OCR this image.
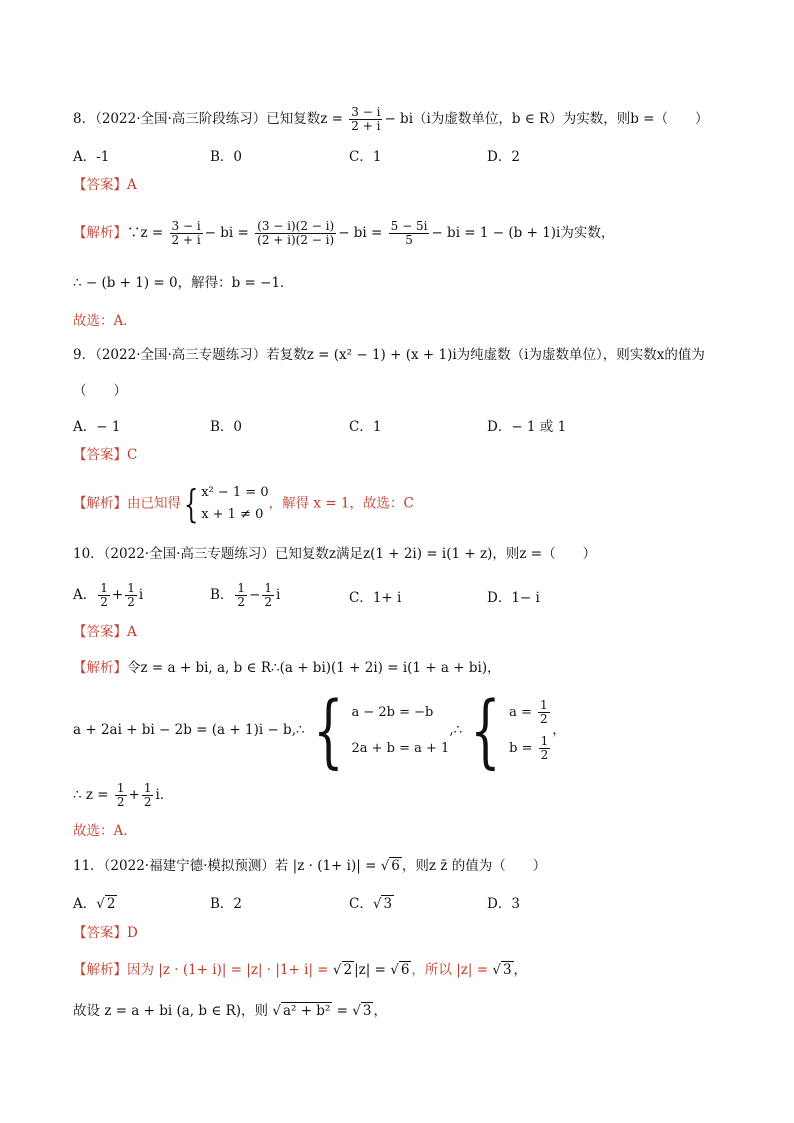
8．（2022·全国·高三阶段练习）已知复数$z = \frac{3 - i}{2 + i} - bi(i$为虚数单位，b ∈ R）为实数，则b =（　　）
A．-1	B．0	C．1	D．2
【答案】A
【解析】∵z = $\frac{3 - i}{2 + i}$ − bi = $\frac{(3 - i)(2 - i)}{(2 + i)(2 - i)}$ − bi = $\frac{5 - 5i}{5}$ − bi = 1 − (b + 1)i为实数，
∴ − (b + 1) = 0，解得：b = −1．
故选：A．
9．（2022·全国·高三专题练习）若复数z = (x² − 1) + (x + 1)i为纯虚数（i为虚数单位），则实数x的值为
（　　）
A．− 1	B．0	C．1	D．− 1 或 1
【答案】C
【解析】由已知得{ x² − 1 = 0
x + 1 ≠ 0
，解得 x = 1，故选：C
10．（2022·全国·高三专题练习）已知复数z满足z(1 + 2i) = i(1 + z)，则z =（　　）
A． $\frac{1}{2} + \frac{1}{2}$ i	B． $\frac{1}{2} - \frac{1}{2}$ i	C．1+ i	D．1− i
【答案】A
【解析】令z = a + bi, a, b ∈ R∴(a + bi)(1 + 2i) = i(1 + a + bi)，
a + 2ai + bi − 2b = (a + 1)i − b,∴ { a − 2b = −b
2a + b = a + 1
,∴ { $a = \frac{1}{2}$
$b = \frac{1}{2}$
，
∴ $z = \frac{1}{2} + \frac{1}{2}$ i．
故选：A．
11．（2022·福建宁德·模拟预测）若 |z · (1+ i)| = √ 6 ，则z z̄ 的值为（　　）
A．√ 2	B．2	C．√ 3	D．3
【答案】D
【解析】因为 |z · (1+ i)| = |z| · |1+ i| = √ 2 |z| = √ 6 ，所以 |z| = √ 3 ，
故设 z = a + bi (a, b ∈ R)，则 √ a² + b² = √ 3 ，
